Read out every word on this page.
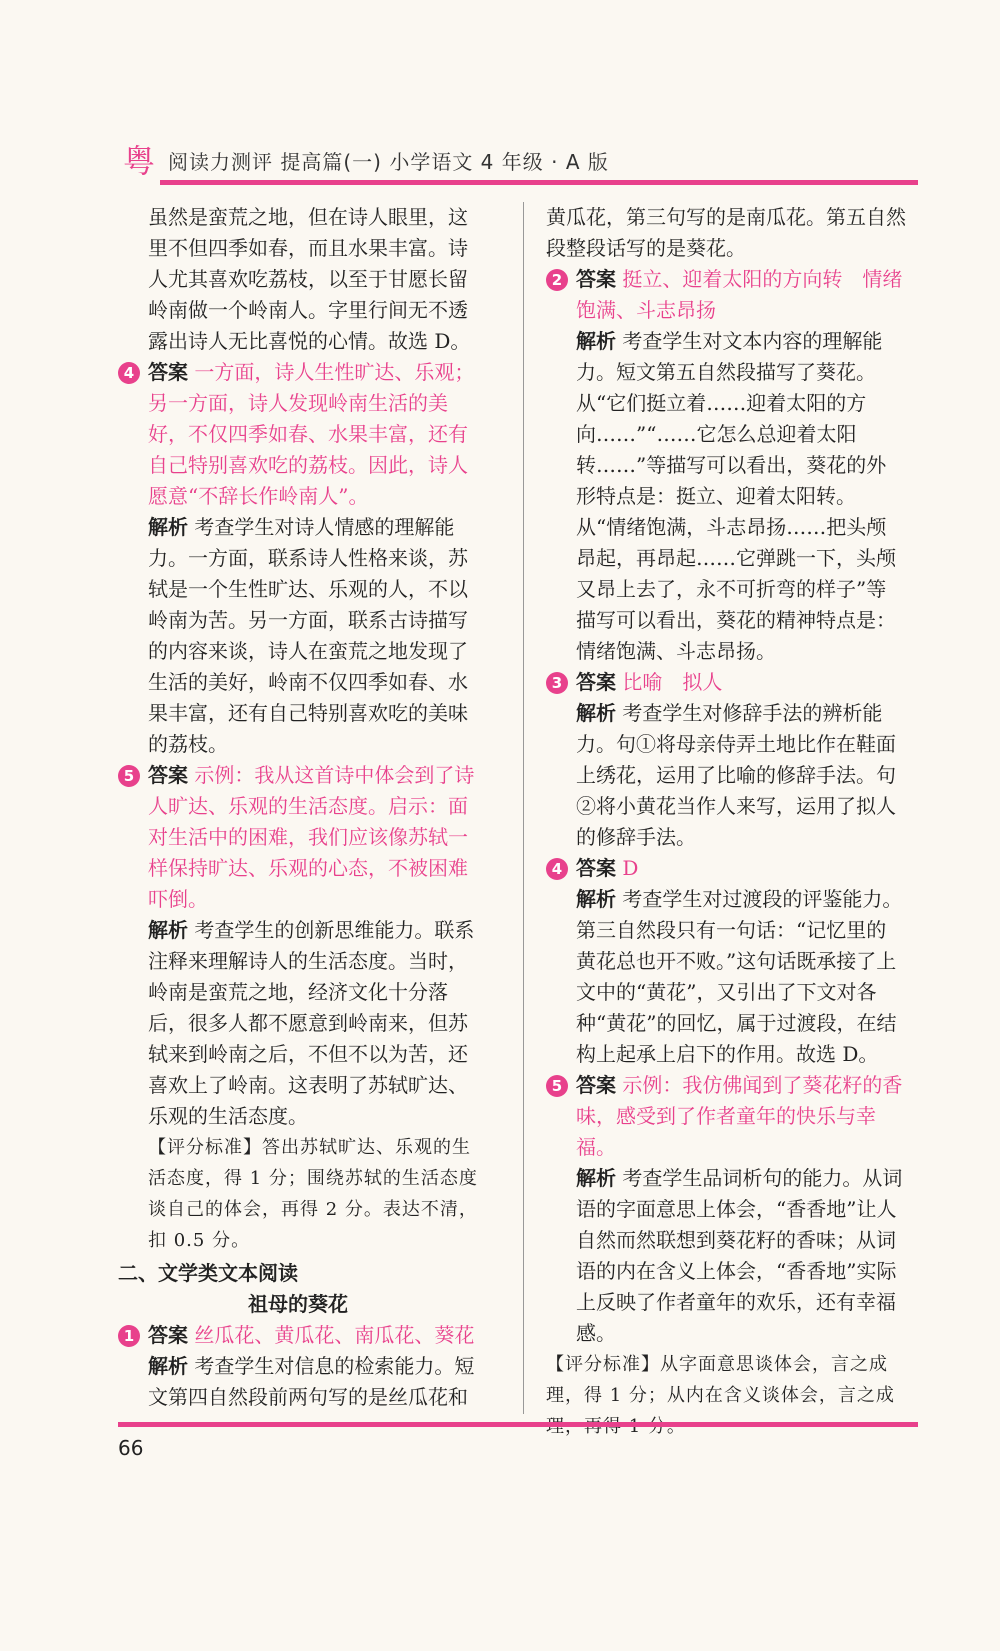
粤 阅读力测评 提高篇(一) 小学语文 4 年级 · A 版

虽然是蛮荒之地，但在诗人眼里，这里不但四季如春，而且水果丰富。诗人尤其喜欢吃荔枝，以至于甘愿长留岭南做一个岭南人。字里行间无不透露出诗人无比喜悦的心情。故选 D。

4 答案 一方面，诗人生性旷达、乐观；另一方面，诗人发现岭南生活的美好，不仅四季如春、水果丰富，还有自己特别喜欢吃的荔枝。因此，诗人愿意“不辞长作岭南人”。

解析 考查学生对诗人情感的理解能力。一方面，联系诗人性格来谈，苏轼是一个生性旷达、乐观的人，不以岭南为苦。另一方面，联系古诗描写的内容来谈，诗人在蛮荒之地发现了生活的美好，岭南不仅四季如春、水果丰富，还有自己特别喜欢吃的美味的荔枝。

5 答案 示例：我从这首诗中体会到了诗人旷达、乐观的生活态度。启示：面对生活中的困难，我们应该像苏轼一样保持旷达、乐观的心态，不被困难吓倒。

解析 考查学生的创新思维能力。联系注释来理解诗人的生活态度。当时，岭南是蛮荒之地，经济文化十分落后，很多人都不愿意到岭南来，但苏轼来到岭南之后，不但不以为苦，还喜欢上了岭南。这表明了苏轼旷达、乐观的生活态度。

【评分标准】答出苏轼旷达、乐观的生活态度，得 1 分；围绕苏轼的生活态度谈自己的体会，再得 2 分。表达不清，扣 0.5 分。

二、文学类文本阅读

祖母的葵花

1 答案 丝瓜花、黄瓜花、南瓜花、葵花

解析 考查学生对信息的检索能力。短文第四自然段前两句写的是丝瓜花和

黄瓜花，第三句写的是南瓜花。第五自然段整段话写的是葵花。

2 答案 挺立、迎着太阳的方向转　情绪饱满、斗志昂扬

解析 考查学生对文本内容的理解能力。短文第五自然段描写了葵花。从“它们挺立着……迎着太阳的方向……”“……它怎么总迎着太阳转……”等描写可以看出，葵花的外形特点是：挺立、迎着太阳转。从“情绪饱满，斗志昂扬……把头颅昂起，再昂起……它弹跳一下，头颅又昂上去了，永不可折弯的样子”等描写可以看出，葵花的精神特点是：情绪饱满、斗志昂扬。

3 答案 比喻　拟人

解析 考查学生对修辞手法的辨析能力。句①将母亲侍弄土地比作在鞋面上绣花，运用了比喻的修辞手法。句②将小黄花当作人来写，运用了拟人的修辞手法。

4 答案 D

解析 考查学生对过渡段的评鉴能力。第三自然段只有一句话：“记忆里的黄花总也开不败。”这句话既承接了上文中的“黄花”，又引出了下文对各种“黄花”的回忆，属于过渡段，在结构上起承上启下的作用。故选 D。

5 答案 示例：我仿佛闻到了葵花籽的香味，感受到了作者童年的快乐与幸福。

解析 考查学生品词析句的能力。从词语的字面意思上体会，“香香地”让人自然而然联想到葵花籽的香味；从词语的内在含义上体会，“香香地”实际上反映了作者童年的欢乐，还有幸福感。

【评分标准】从字面意思谈体会，言之成理，得 1 分；从内在含义谈体会，言之成

66
